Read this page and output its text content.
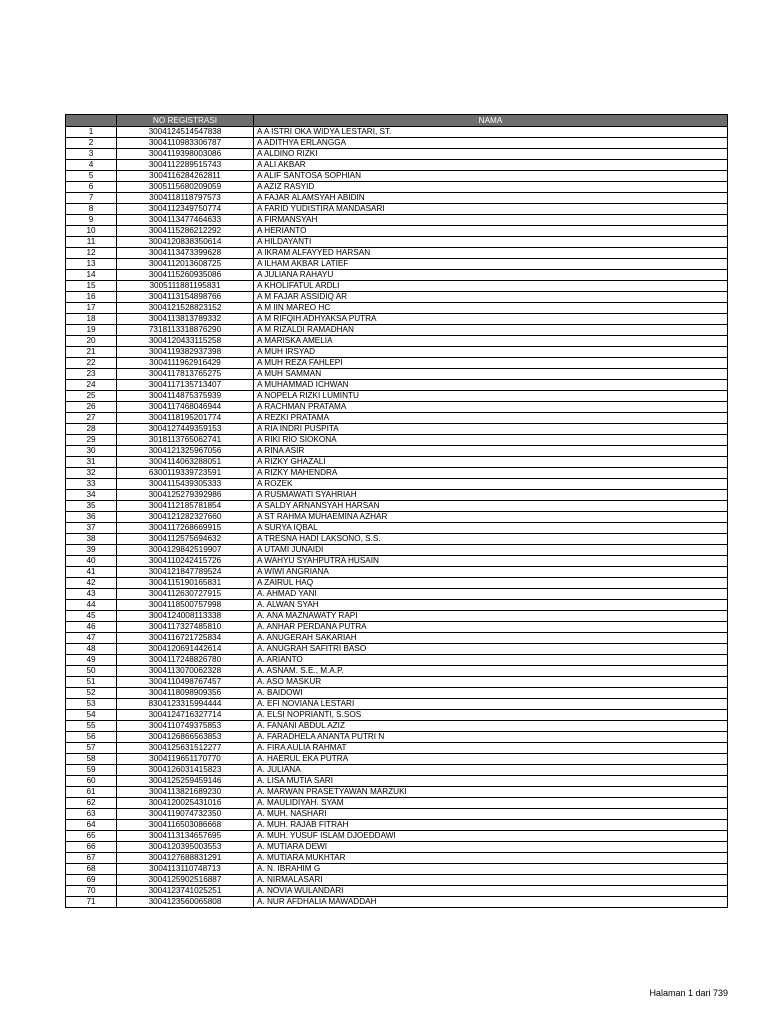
	NO REGISTRASI	NAMA
1	3004124514547838	A A ISTRI OKA WIDYA LESTARI, ST.
2	3004110983306787	A ADITHYA ERLANGGA
3	3004119398003086	A ALDINO RIZKI
4	3004112289515743	A ALI AKBAR
5	3004116284262811	A ALIF SANTOSA SOPHIAN
6	3005115680209059	A AZIZ RASYID
7	3004118118797573	A FAJAR ALAMSYAH ABIDIN
8	3004112349750774	A FARID YUDISTIRA MANDASARI
9	3004113477464633	A FIRMANSYAH
10	3004115286212292	A HERIANTO
11	3004120838350614	A HILDAYANTI
12	3004113473399628	A IKRAM ALFAYYED HARSAN
13	3004112013608725	A ILHAM AKBAR LATIEF
14	3004115260935086	A JULIANA RAHAYU
15	3005111881195831	A KHOLIFATUL ARDLI
16	3004113154898766	A M FAJAR ASSIDIQ AR
17	3004121528823152	A M IIN MAREO HC
18	3004113813789332	A M RIFQIH ADHYAKSA PUTRA
19	7318113318876290	A M RIZALDI RAMADHAN
20	3004120433115258	A MARISKA AMELIA
21	3004119382937398	A MUH IRSYAD
22	3004111962916429	A MUH REZA FAHLEPI
23	3004117813765275	A MUH SAMMAN
24	3004117135713407	A MUHAMMAD ICHWAN
25	3004114875375939	A NOPELA RIZKI LUMINTU
26	3004117468046944	A RACHMAN PRATAMA
27	3004118195201774	A REZKI PRATAMA
28	3004127449359153	A RIA INDRI PUSPITA
29	3018113765062741	A RIKI RIO SIOKONA
30	3004121325967056	A RINA ASIR
31	3004114063288051	A RIZKY GHAZALI
32	6300119339723591	A RIZKY MAHENDRA
33	3004115439305333	A ROZEK
34	3004125279392986	A RUSMAWATI SYAHRIAH
35	3004112185781854	A SALDY ARNANSYAH HARSAN
36	3004121282327660	A ST RAHMA MUHAEMINA AZHAR
37	3004117268669915	A SURYA IQBAL
38	3004112575694632	A TRESNA HADI LAKSONO, S.S.
39	3004129842519907	A UTAMI JUNAIDI
40	3004110242415726	A WAHYU SYAHPUTRA HUSAIN
41	3004121847789524	A WIWI ANGRIANA
42	3004115190165831	A ZAIRUL HAQ
43	3004112630727915	A. AHMAD YANI
44	3004118500757998	A. ALWAN SYAH
45	3004124008113338	A. ANA MAZNAWATY RAPI
46	3004117327485810	A. ANHAR PERDANA PUTRA
47	3004116721725834	A. ANUGERAH SAKARIAH
48	3004120691442614	A. ANUGRAH SAFITRI BASO
49	3004117248826780	A. ARIANTO
50	3004113070062328	A. ASNAM. S.E., M.A.P.
51	3004110498767457	A. ASO MASKUR
52	3004118098909356	A. BAIDOWI
53	8304123315994444	A. EFI NOVIANA LESTARI
54	3004124716327714	A. ELSI NOPRIANTI, S.SOS
55	3004110749375853	A. FANANI ABDUL AZIZ
56	3004126866563853	A. FARADHELA ANANTA PUTRI N
57	3004125631512277	A. FIRA AULIA RAHMAT
58	3004119651170770	A. HAERUL EKA PUTRA
59	3004126031415823	A. JULIANA
60	3004125259459146	A. LISA MUTIA SARI
61	3004113821689230	A. MARWAN PRASETYAWAN MARZUKI
62	3004120025431016	A. MAULIDIYAH. SYAM
63	3004119074732350	A. MUH. NASHARI
64	3004116503086668	A. MUH. RAJAB FITRAH
65	3004113134657695	A. MUH. YUSUF ISLAM DJOEDDAWI
66	3004120395003553	A. MUTIARA DEWI
67	3004127688831291	A. MUTIARA MUKHTAR
68	3004113110748713	A. N. IBRAHIM G
69	3004125902516887	A. NIRMALASARI
70	3004123741025251	A. NOVIA WULANDARI
71	3004123560065808	A. NUR AFDHALIA MAWADDAH
Halaman 1 dari 739
